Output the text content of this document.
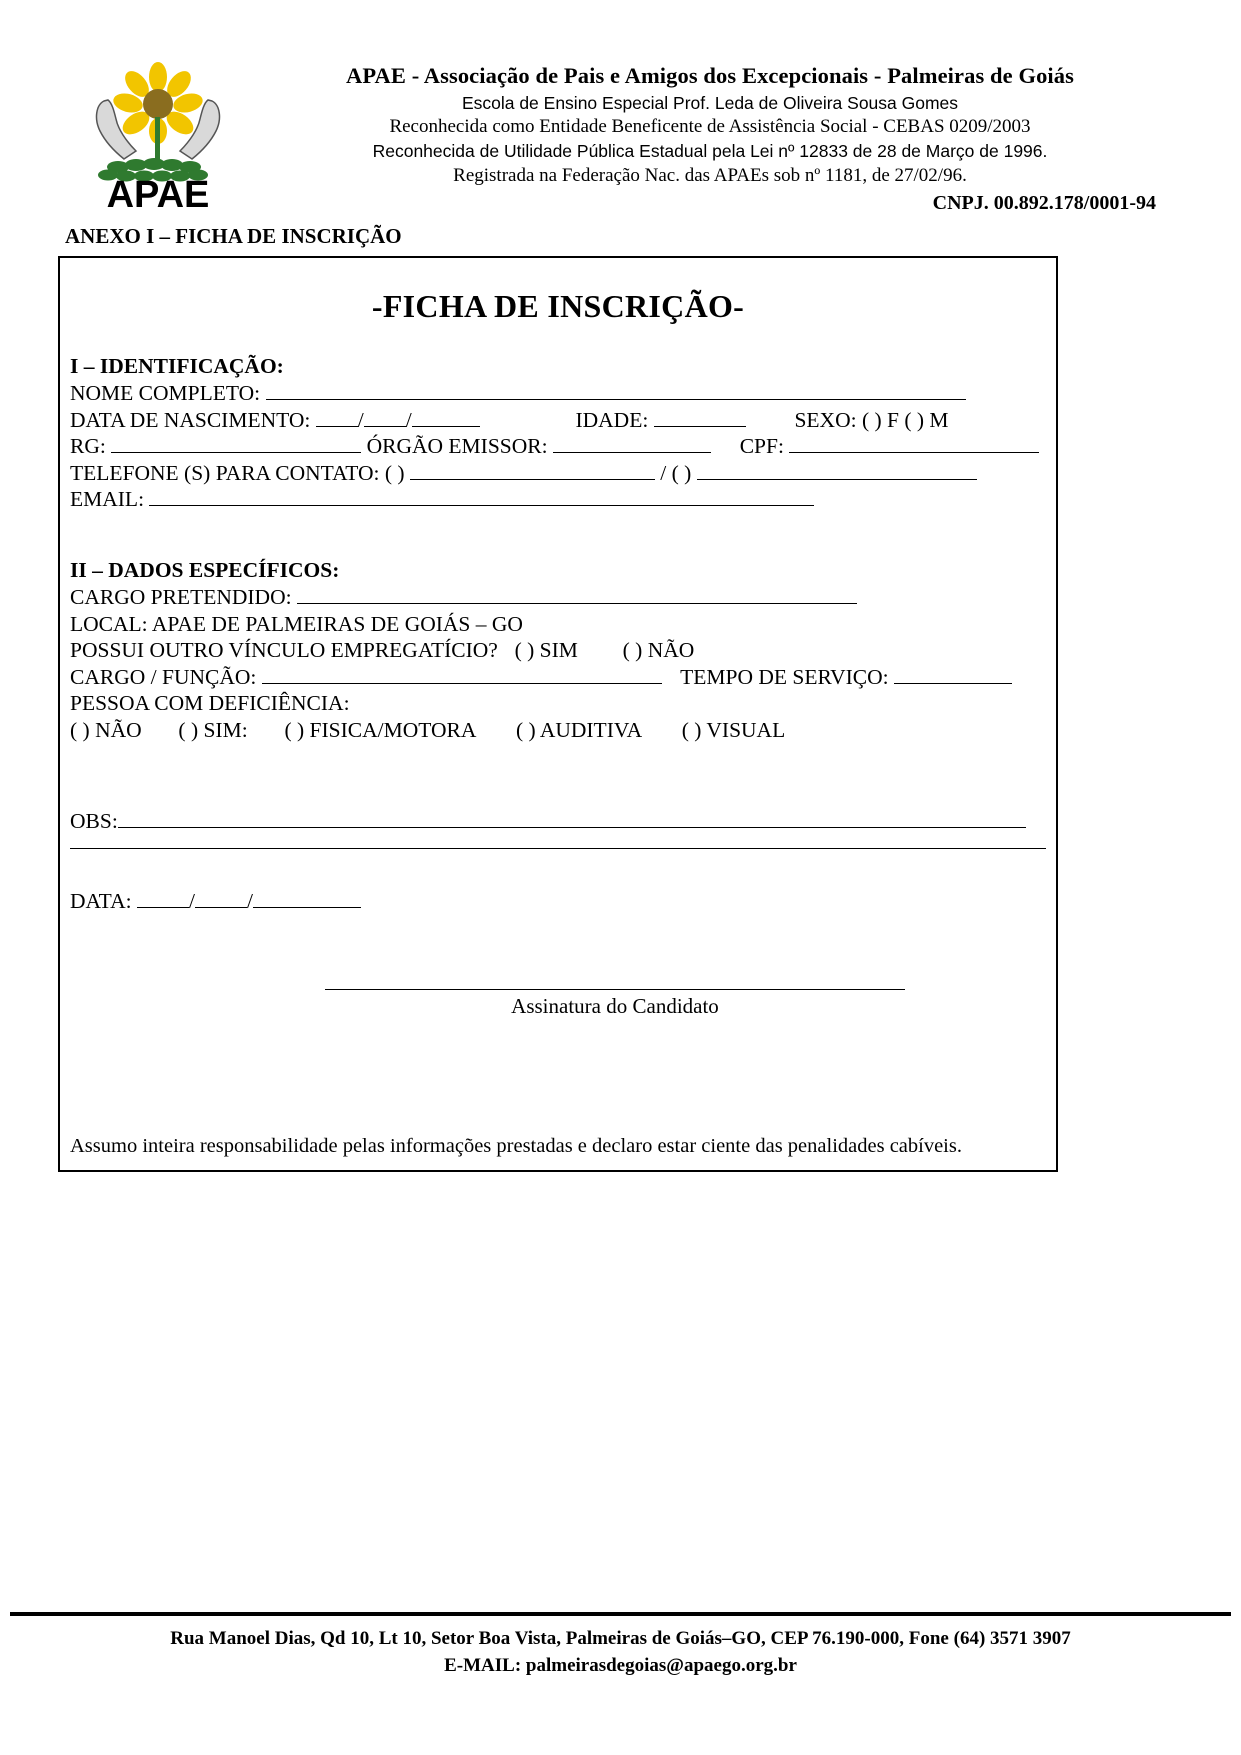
APAE
APAE - Associação de Pais e Amigos dos Excepcionais - Palmeiras de Goiás
Escola de Ensino Especial Prof. Leda de Oliveira Sousa Gomes
Reconhecida como Entidade Beneficente de Assistência Social - CEBAS 0209/2003
Reconhecida de Utilidade Pública Estadual pela Lei nº 12833 de 28 de Março de 1996.
Registrada na Federação Nac. das APAEs sob nº 1181, de 27/02/96.
CNPJ. 00.892.178/0001-94
ANEXO I – FICHA DE INSCRIÇÃO
-FICHA DE INSCRIÇÃO-
I – IDENTIFICAÇÃO:
NOME COMPLETO:
DATA DE NASCIMENTO: / /	IDADE:	SEXO: ( ) F ( ) M
RG:	ÓRGÃO EMISSOR:	CPF:
TELEFONE (S) PARA CONTATO: ( )	/ ( )
EMAIL:
II – DADOS ESPECÍFICOS:
CARGO PRETENDIDO:
LOCAL: APAE DE PALMEIRAS DE GOIÁS – GO
POSSUI OUTRO VÍNCULO EMPREGATÍCIO? ( ) SIM ( ) NÃO
CARGO / FUNÇÃO:	TEMPO DE SERVIÇO:
PESSOA COM DEFICIÊNCIA:
( ) NÃO ( ) SIM: ( ) FISICA/MOTORA ( ) AUDITIVA ( ) VISUAL
OBS:
DATA:	/ /
Assinatura do Candidato
Assumo inteira responsabilidade pelas informações prestadas e declaro estar ciente das penalidades cabíveis.
Rua Manoel Dias, Qd 10, Lt 10, Setor Boa Vista, Palmeiras de Goiás–GO, CEP 76.190-000, Fone (64) 3571 3907
E-MAIL: palmeirasdegoias@apaego.org.br
